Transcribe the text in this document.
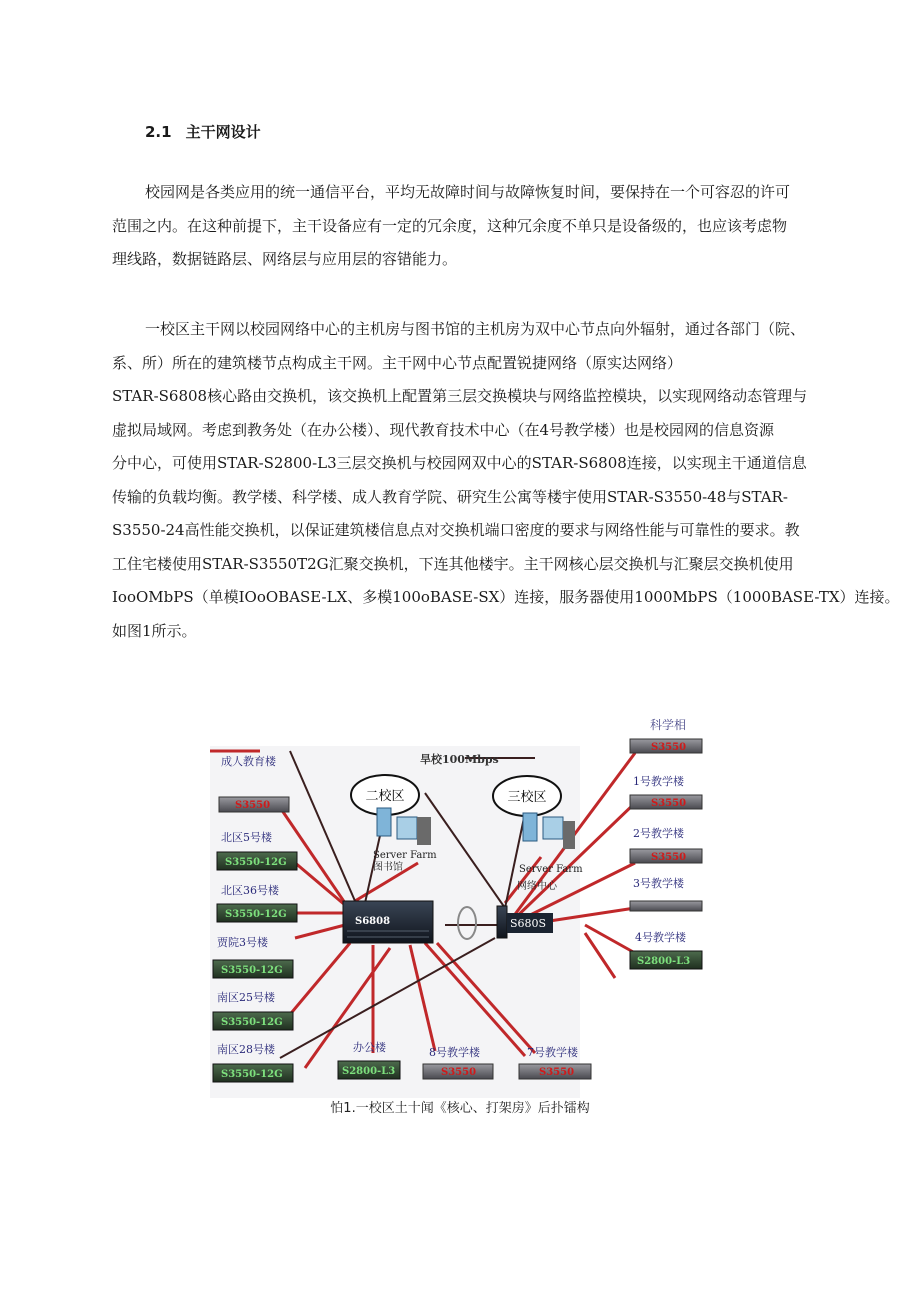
2.1 主干网设计
校园网是各类应用的统一通信平台，平均无故障时间与故障恢复时间，要保持在一个可容忍的许可
范围之内。在这种前提下，主干设备应有一定的冗余度，这种冗余度不单只是设备级的，也应该考虑物
理线路，数据链路层、网络层与应用层的容错能力。
一校区主干网以校园网络中心的主机房与图书馆的主机房为双中心节点向外辐射，通过各部门（院、
系、所）所在的建筑楼节点构成主干网。主干网中心节点配置锐捷网络（原实达网络）
STAR-S6808核心路由交换机，该交换机上配置第三层交换模块与网络监控模块，以实现网络动态管理与
虚拟局域网。考虑到教务处（在办公楼）、现代教育技术中心（在4号教学楼）也是校园网的信息资源
分中心，可使用STAR-S2800-L3三层交换机与校园网双中心的STAR-S6808连接，以实现主干通道信息
传输的负载均衡。教学楼、科学楼、成人教育学院、研究生公寓等楼宇使用STAR-S3550-48与STAR-
S3550-24高性能交换机，以保证建筑楼信息点对交换机端口密度的要求与网络性能与可靠性的要求。教
工住宅楼使用STAR-S3550T2G汇聚交换机，下连其他楼宇。主干网核心层交换机与汇聚层交换机使用
IooOMbPS（单模IOoOBASE-LX、多模100oBASE-SX）连接，服务器使用1000MbPS（1000BASE-TX）连接。
如图1所示。
旱校100Mbps
二校区	三校区
Server Farm
图书馆	Server Farm
网络中心
S6808	S680S
成人教育楼
S3550
北区5号楼
S3550-12G
北区36号楼
S3550-12G
贾院3号楼
S3550-12G
南区25号楼
S3550-12G
南区28号楼
S3550-12G
科学相
S3550
1号教学楼
S3550
2号教学楼
S3550
3号教学楼
4号教学楼
S2800-L3
办公楼
S2800-L3
8号教学楼
S3550
7号教学楼
S3550
怕1.一校区土十闻《核心、打架房》后扑镭构
